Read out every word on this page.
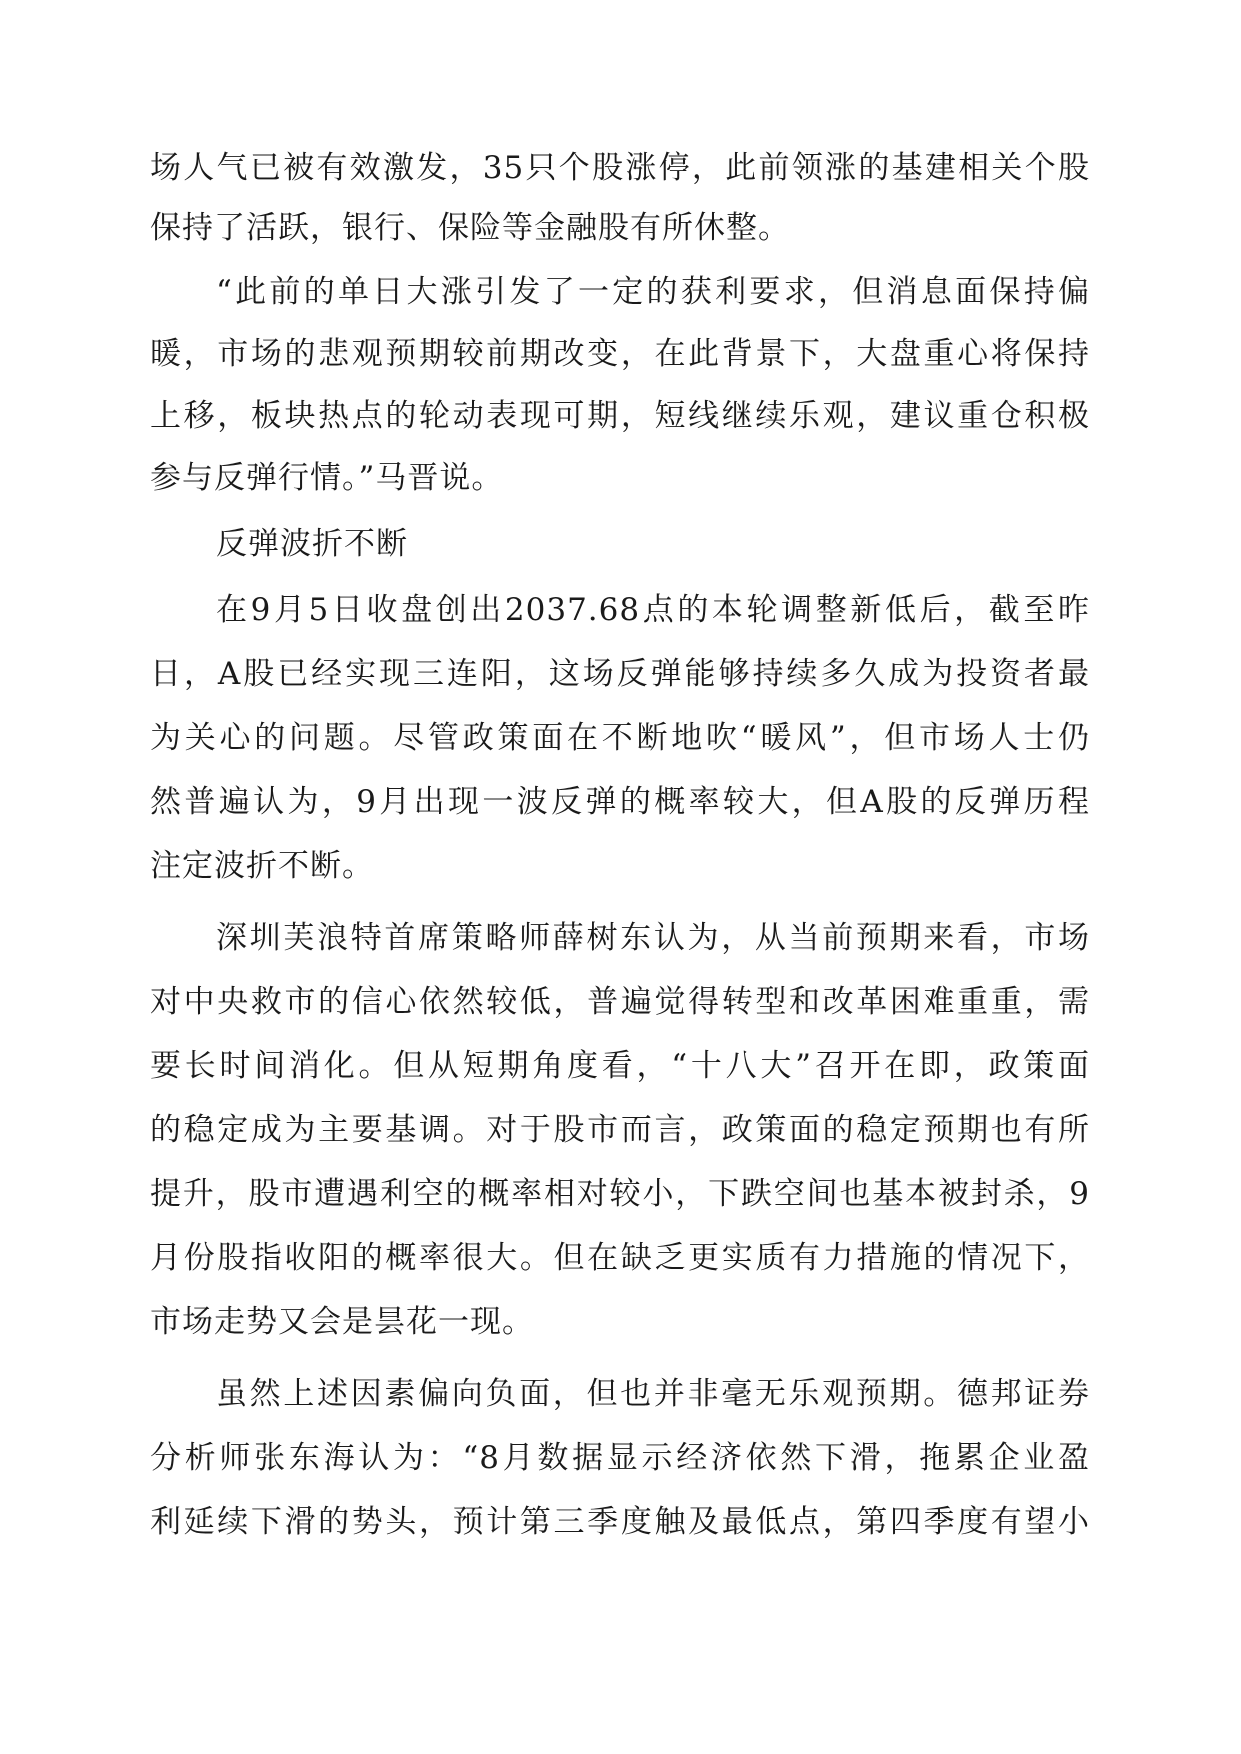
场人气已被有效激发，35只个股涨停，此前领涨的基建相关个股
保持了活跃，银行、保险等金融股有所休整。
“此前的单日大涨引发了一定的获利要求，但消息面保持偏
暖，市场的悲观预期较前期改变，在此背景下，大盘重心将保持
上移，板块热点的轮动表现可期，短线继续乐观，建议重仓积极
参与反弹行情。”马晋说。
反弹波折不断
在9月5日收盘创出2037.68点的本轮调整新低后，截至昨
日，A股已经实现三连阳，这场反弹能够持续多久成为投资者最
为关心的问题。尽管政策面在不断地吹“暖风”，但市场人士仍
然普遍认为，9月出现一波反弹的概率较大，但A股的反弹历程
注定波折不断。
深圳芙浪特首席策略师薛树东认为，从当前预期来看，市场
对中央救市的信心依然较低，普遍觉得转型和改革困难重重，需
要长时间消化。但从短期角度看，“十八大”召开在即，政策面
的稳定成为主要基调。对于股市而言，政策面的稳定预期也有所
提升，股市遭遇利空的概率相对较小，下跌空间也基本被封杀，9
月份股指收阳的概率很大。但在缺乏更实质有力措施的情况下，
市场走势又会是昙花一现。
虽然上述因素偏向负面，但也并非毫无乐观预期。德邦证券
分析师张东海认为：“8月数据显示经济依然下滑，拖累企业盈
利延续下滑的势头，预计第三季度触及最低点，第四季度有望小
